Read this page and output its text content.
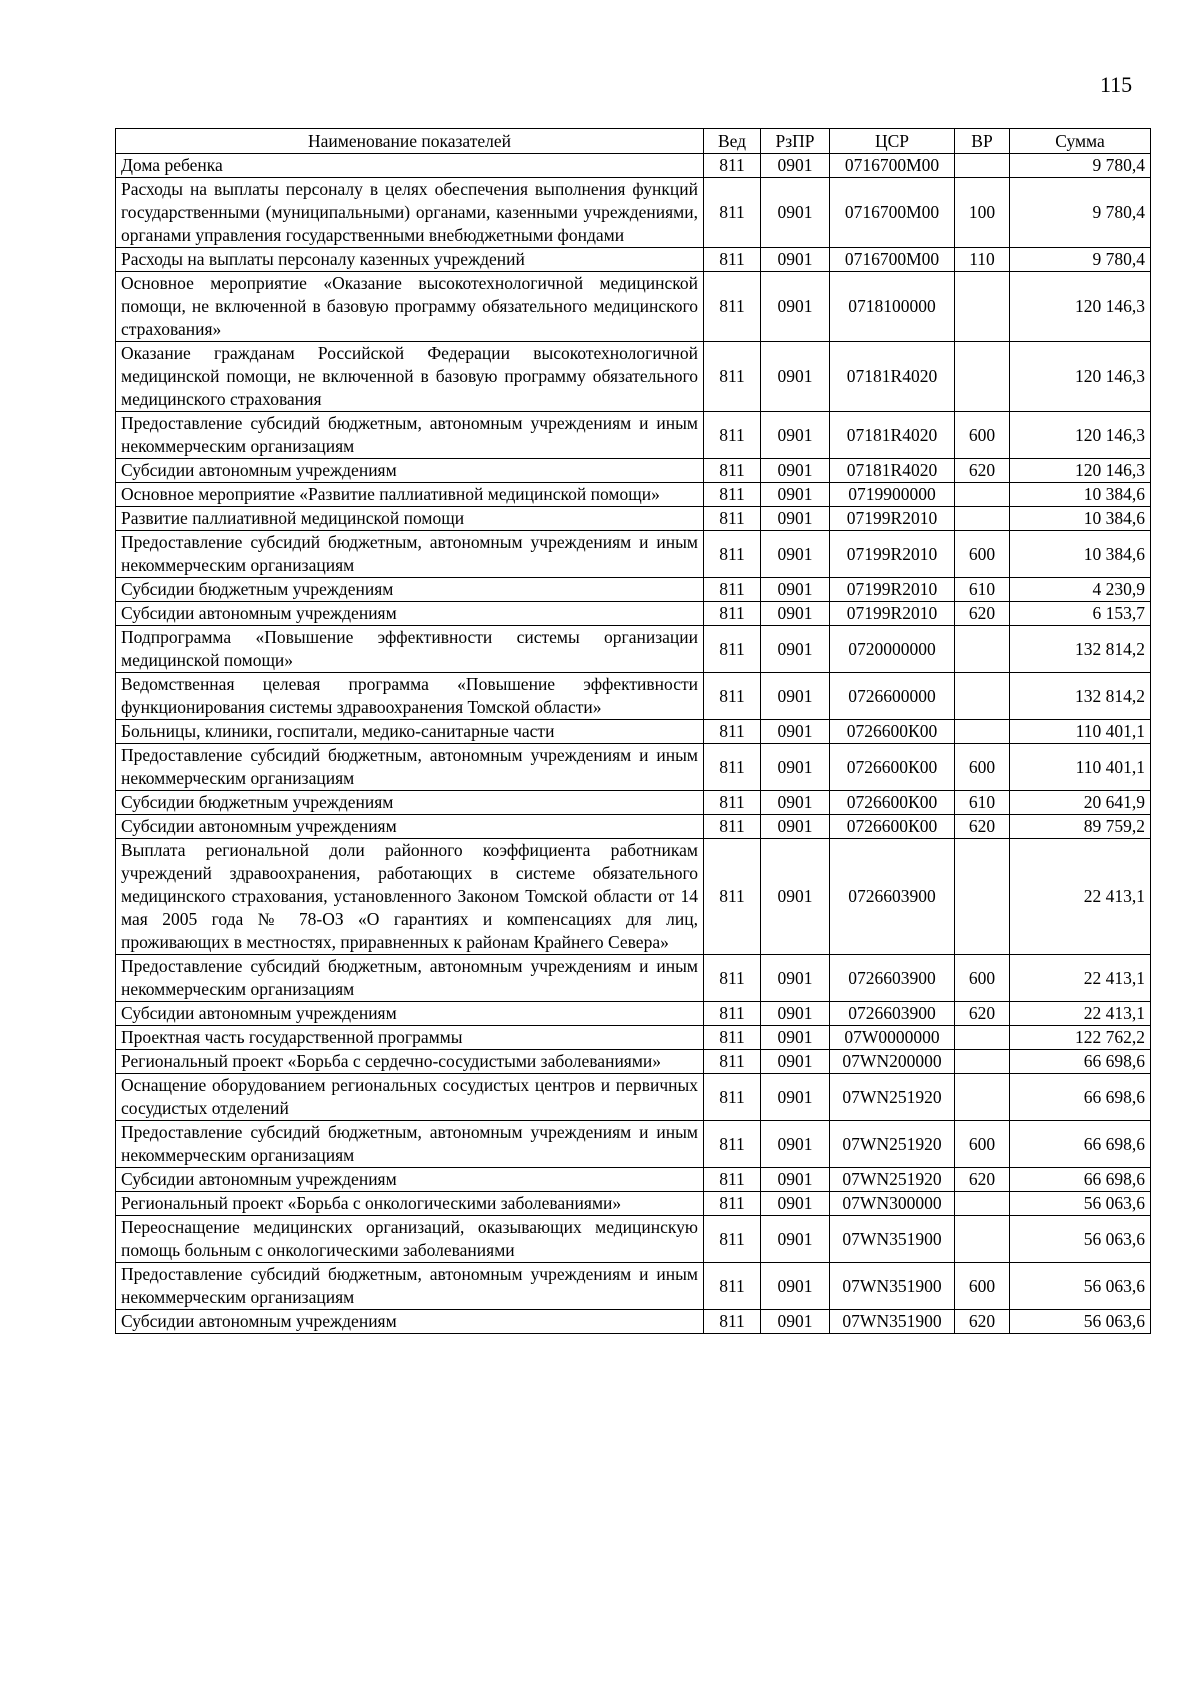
115
Наименование показателей	Вед	РзПР	ЦСР	ВР	Сумма
Дома ребенка	811	0901	0716700М00		9 780,4
Расходы на выплаты персоналу в целях обеспечения выполнения функций государственными (муниципальными) органами, казенными учреждениями, органами управления государственными внебюджетными фондами	811	0901	0716700М00	100	9 780,4
Расходы на выплаты персоналу казенных учреждений	811	0901	0716700М00	110	9 780,4
Основное мероприятие «Оказание высокотехнологичной медицинской помощи, не включенной в базовую программу обязательного медицинского страхования»	811	0901	0718100000		120 146,3
Оказание гражданам Российской Федерации высокотехнологичной медицинской помощи, не включенной в базовую программу обязательного медицинского страхования	811	0901	07181R4020		120 146,3
Предоставление субсидий бюджетным, автономным учреждениям и иным некоммерческим организациям	811	0901	07181R4020	600	120 146,3
Субсидии автономным учреждениям	811	0901	07181R4020	620	120 146,3
Основное мероприятие «Развитие паллиативной медицинской помощи»	811	0901	0719900000		10 384,6
Развитие паллиативной медицинской помощи	811	0901	07199R2010		10 384,6
Предоставление субсидий бюджетным, автономным учреждениям и иным некоммерческим организациям	811	0901	07199R2010	600	10 384,6
Субсидии бюджетным учреждениям	811	0901	07199R2010	610	4 230,9
Субсидии автономным учреждениям	811	0901	07199R2010	620	6 153,7
Подпрограмма «Повышение эффективности системы организации медицинской помощи»	811	0901	0720000000		132 814,2
Ведомственная целевая программа «Повышение эффективности функционирования системы здравоохранения Томской области»	811	0901	0726600000		132 814,2
Больницы, клиники, госпитали, медико-санитарные части	811	0901	0726600К00		110 401,1
Предоставление субсидий бюджетным, автономным учреждениям и иным некоммерческим организациям	811	0901	0726600К00	600	110 401,1
Субсидии бюджетным учреждениям	811	0901	0726600К00	610	20 641,9
Субсидии автономным учреждениям	811	0901	0726600К00	620	89 759,2
Выплата региональной доли районного коэффициента работникам учреждений здравоохранения, работающих в системе обязательного медицинского страхования, установленного Законом Томской области от 14 мая 2005 года № 78-ОЗ «О гарантиях и компенсациях для лиц, проживающих в местностях, приравненных к районам Крайнего Севера»	811	0901	0726603900		22 413,1
Предоставление субсидий бюджетным, автономным учреждениям и иным некоммерческим организациям	811	0901	0726603900	600	22 413,1
Субсидии автономным учреждениям	811	0901	0726603900	620	22 413,1
Проектная часть государственной программы	811	0901	07W0000000		122 762,2
Региональный проект «Борьба с сердечно-сосудистыми заболеваниями»	811	0901	07WN200000		66 698,6
Оснащение оборудованием региональных сосудистых центров и первичных сосудистых отделений	811	0901	07WN251920		66 698,6
Предоставление субсидий бюджетным, автономным учреждениям и иным некоммерческим организациям	811	0901	07WN251920	600	66 698,6
Субсидии автономным учреждениям	811	0901	07WN251920	620	66 698,6
Региональный проект «Борьба с онкологическими заболеваниями»	811	0901	07WN300000		56 063,6
Переоснащение медицинских организаций, оказывающих медицинскую помощь больным с онкологическими заболеваниями	811	0901	07WN351900		56 063,6
Предоставление субсидий бюджетным, автономным учреждениям и иным некоммерческим организациям	811	0901	07WN351900	600	56 063,6
Субсидии автономным учреждениям	811	0901	07WN351900	620	56 063,6
